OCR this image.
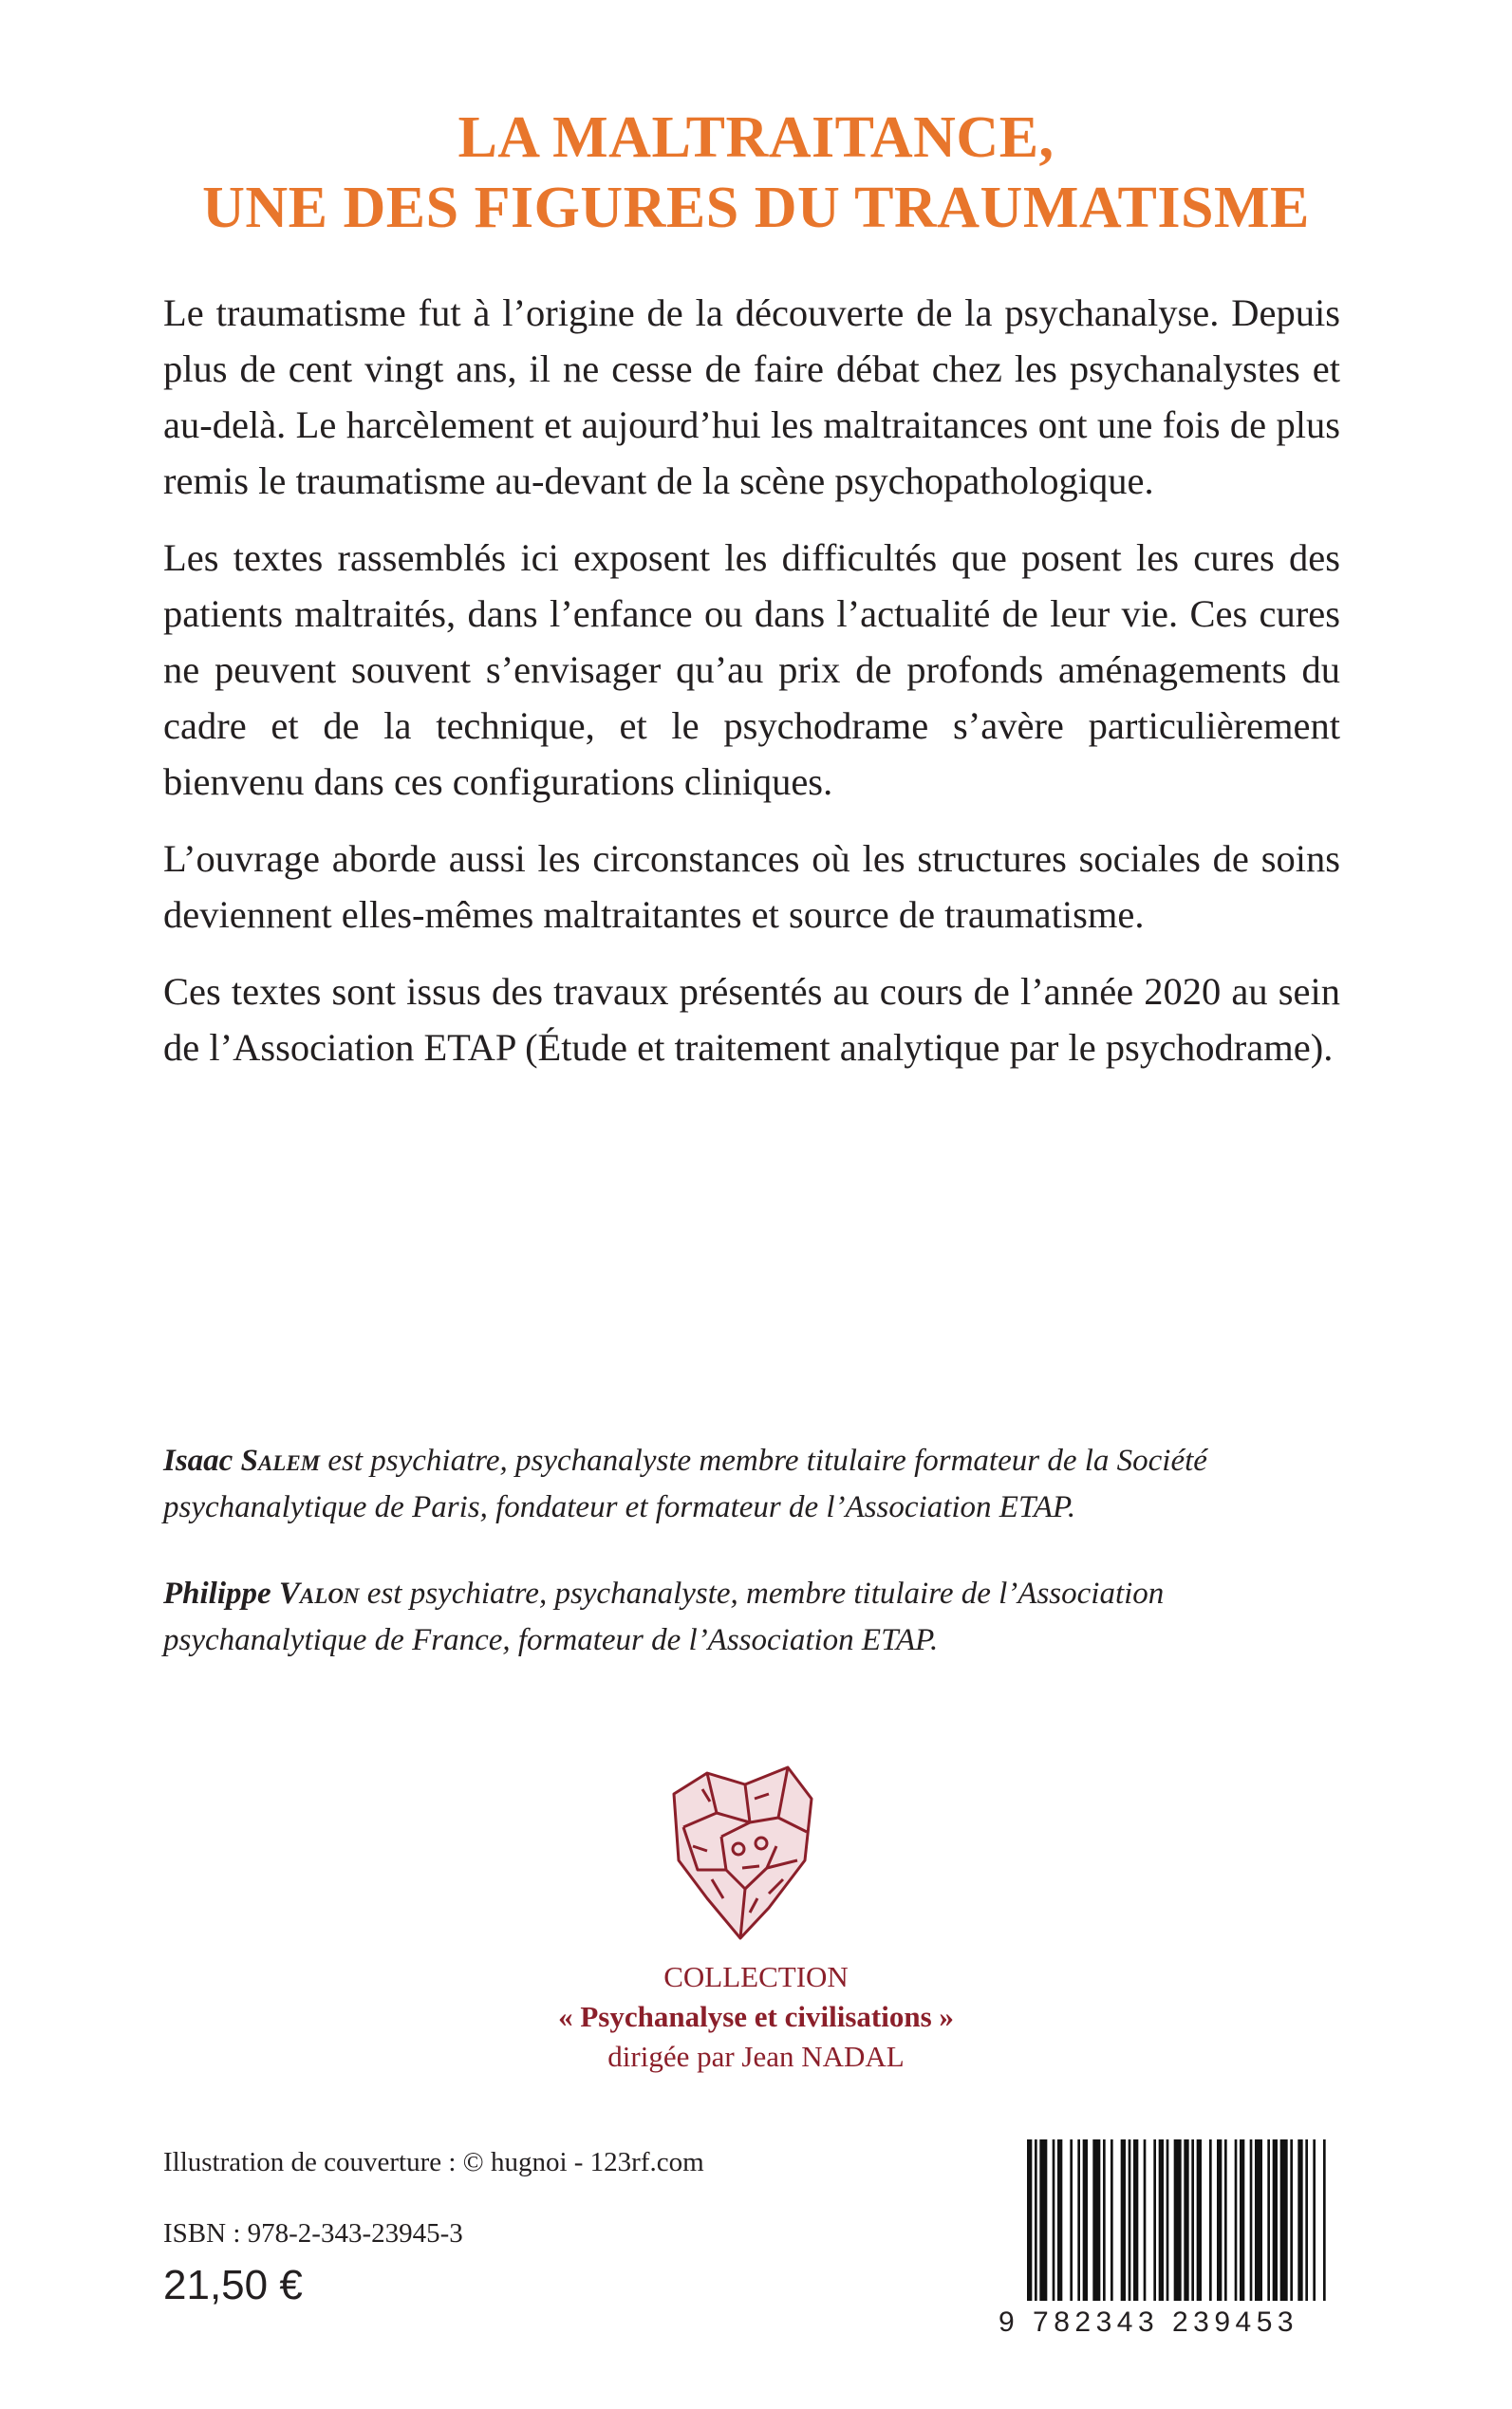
LA MALTRAITANCE,
UNE DES FIGURES DU TRAUMATISME

Le traumatisme fut à l’origine de la découverte de la psychanalyse. Depuis plus de cent vingt ans, il ne cesse de faire débat chez les psychanalystes et au-delà. Le harcèlement et aujourd’hui les maltraitances ont une fois de plus remis le traumatisme au-devant de la scène psychopathologique.

Les textes rassemblés ici exposent les difficultés que posent les cures des patients maltraités, dans l’enfance ou dans l’actualité de leur vie. Ces cures ne peuvent souvent s’envisager qu’au prix de profonds aménagements du cadre et de la technique, et le psychodrame s’avère particulièrement bienvenu dans ces configurations cliniques.

L’ouvrage aborde aussi les circonstances où les structures sociales de soins deviennent elles-mêmes maltraitantes et source de traumatisme.

Ces textes sont issus des travaux présentés au cours de l’année 2020 au sein de l’Association ETAP (Étude et traitement analytique par le psychodrame).

Isaac Salem est psychiatre, psychanalyste membre titulaire formateur de la Société psychanalytique de Paris, fondateur et formateur de l’Association ETAP.

Philippe Valon est psychiatre, psychanalyste, membre titulaire de l’Association psychanalytique de France, formateur de l’Association ETAP.

COLLECTION
« Psychanalyse et civilisations »
dirigée par Jean NADAL
Illustration de couverture : © hugnoi - 123rf.com
ISBN : 978-2-343-23945-3
21,50 €
9 782343 239453
